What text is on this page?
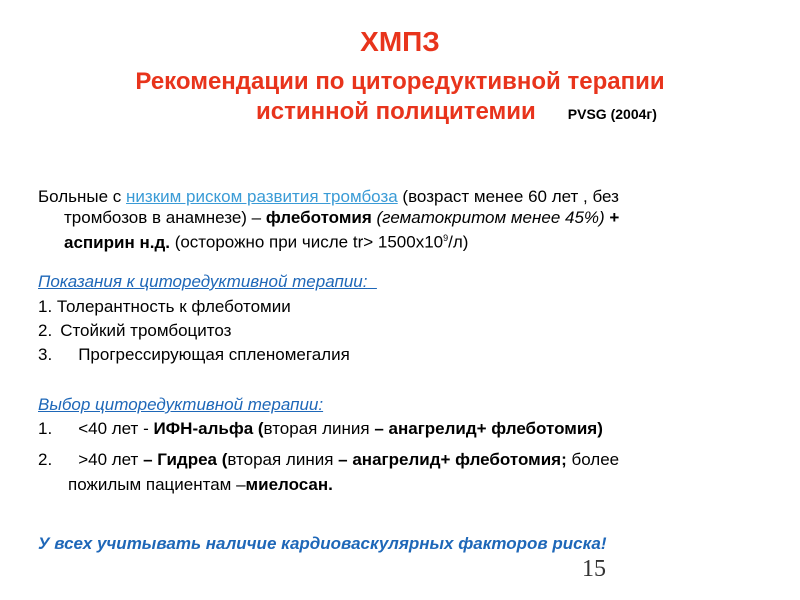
ХМПЗ
Рекомендации по циторедуктивной терапии
истинной полицитемии PVSG (2004г)
Больные с низким риском развития тромбоза (возраст менее 60 лет , без
тромбозов в анамнезе) – флеботомия (гематокритом менее 45%) +
аспирин н.д. (осторожно при числе $tr> 1500х10^9/л$)
Показания к циторедуктивной терапии:
1. Толерантность к флеботомии
2. Стойкий тромбоцитоз
3. Прогрессирующая спленомегалия
Выбор циторедуктивной терапии:
1. <40 лет - ИФН-альфа (вторая линия – анагрелид+ флеботомия)
2. >40 лет – Гидреа (вторая линия – анагрелид+ флеботомия; более
пожилым пациентам –миелосан.
У всех учитывать наличие кардиоваскулярных факторов риска!
15
